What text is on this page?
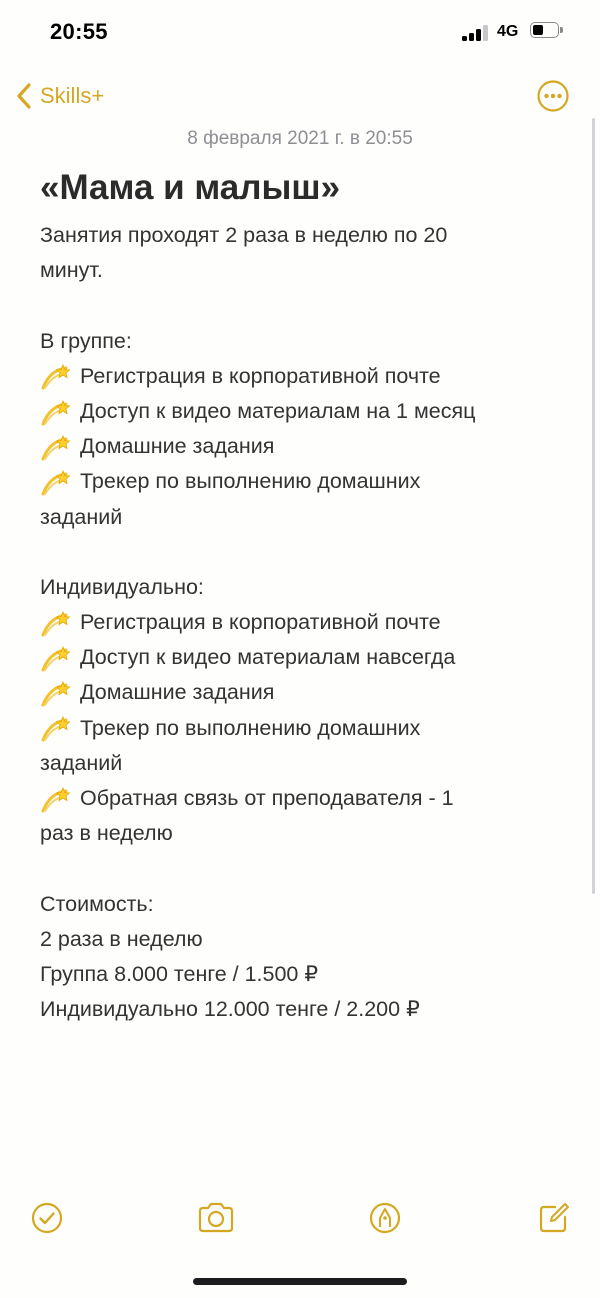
20:55	4G
Skills+
8 февраля 2021 г. в 20:55
«Мама и малыш»
Занятия проходят 2 раза в неделю по 20
минут.
В группе:
Регистрация в корпоративной почте
Доступ к видео материалам на 1 месяц
Домашние задания
Трекер по выполнению домашних
заданий
Индивидуально:
Регистрация в корпоративной почте
Доступ к видео материалам навсегда
Домашние задания
Трекер по выполнению домашних
заданий
Обратная связь от преподавателя - 1
раз в неделю
Стоимость:
2 раза в неделю
Группа 8.000 тенге / 1.500 ₽
Индивидуально 12.000 тенге / 2.200 ₽
